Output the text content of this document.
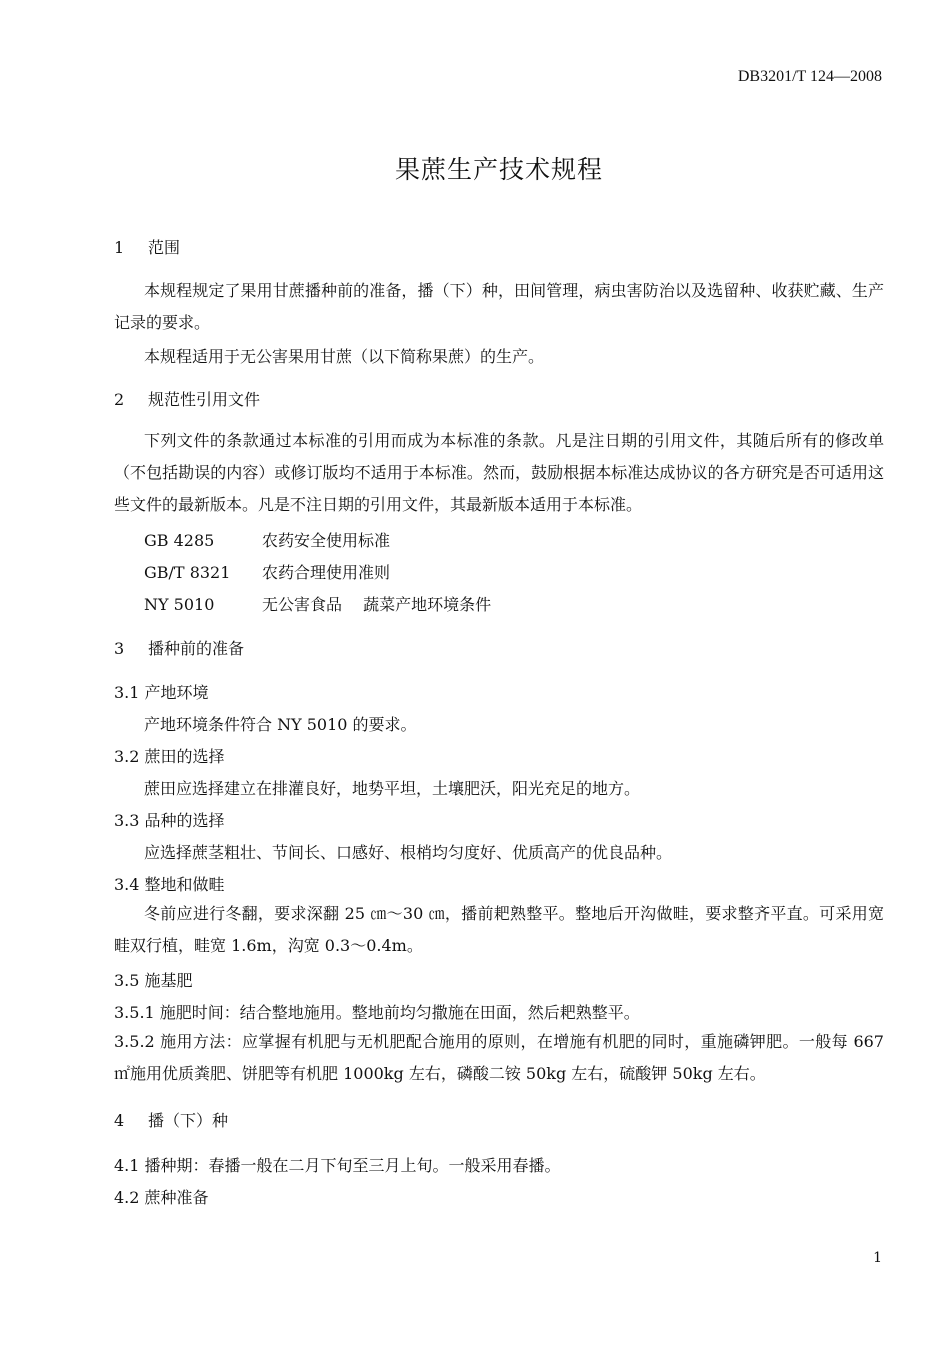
DB3201/T 124—2008
果蔗生产技术规程
1 范围
本规程规定了果用甘蔗播种前的准备，播（下）种，田间管理，病虫害防治以及选留种、收获贮藏、生产记录的要求。
本规程适用于无公害果用甘蔗（以下简称果蔗）的生产。
2 规范性引用文件
下列文件的条款通过本标准的引用而成为本标准的条款。凡是注日期的引用文件，其随后所有的修改单（不包括勘误的内容）或修订版均不适用于本标准。然而，鼓励根据本标准达成协议的各方研究是否可适用这些文件的最新版本。凡是不注日期的引用文件，其最新版本适用于本标准。
GB 4285	农药安全使用标准
GB/T 8321 农药合理使用准则
NY 5010	无公害食品　 蔬菜产地环境条件
3 播种前的准备
3.1 产地环境
产地环境条件符合 NY 5010 的要求。
3.2 蔗田的选择
蔗田应选择建立在排灌良好，地势平坦，土壤肥沃，阳光充足的地方。
3.3 品种的选择
应选择蔗茎粗壮、节间长、口感好、根梢均匀度好、优质高产的优良品种。
3.4 整地和做畦
冬前应进行冬翻，要求深翻 25 ㎝～30 ㎝，播前耙熟整平。整地后开沟做畦，要求整齐平直。可采用宽畦双行植，畦宽 1.6m，沟宽 0.3～0.4m。
3.5 施基肥
3.5.1 施肥时间：结合整地施用。整地前均匀撒施在田面，然后耙熟整平。
3.5.2 施用方法：应掌握有机肥与无机肥配合施用的原则，在增施有机肥的同时，重施磷钾肥。一般每 667 ㎡施用优质粪肥、饼肥等有机肥 1000kg 左右，磷酸二铵 50kg 左右，硫酸钾 50kg 左右。
4 播（下）种
4.1 播种期：春播一般在二月下旬至三月上旬。一般采用春播。
4.2 蔗种准备
1
